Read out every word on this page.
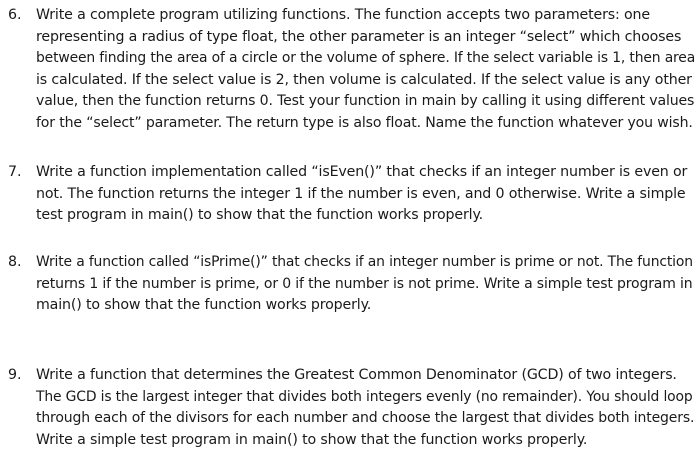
6. Write a complete program utilizing functions. The function accepts two parameters: one
representing a radius of type float, the other parameter is an integer “select” which chooses
between finding the area of a circle or the volume of sphere. If the select variable is 1, then area
is calculated. If the select value is 2, then volume is calculated. If the select value is any other
value, then the function returns 0. Test your function in main by calling it using different values
for the “select” parameter. The return type is also float. Name the function whatever you wish.
7. Write a function implementation called “isEven()” that checks if an integer number is even or
not. The function returns the integer 1 if the number is even, and 0 otherwise. Write a simple
test program in main() to show that the function works properly.
8. Write a function called “isPrime()” that checks if an integer number is prime or not. The function
returns 1 if the number is prime, or 0 if the number is not prime. Write a simple test program in
main() to show that the function works properly.
9. Write a function that determines the Greatest Common Denominator (GCD) of two integers.
The GCD is the largest integer that divides both integers evenly (no remainder). You should loop
through each of the divisors for each number and choose the largest that divides both integers.
Write a simple test program in main() to show that the function works properly.
